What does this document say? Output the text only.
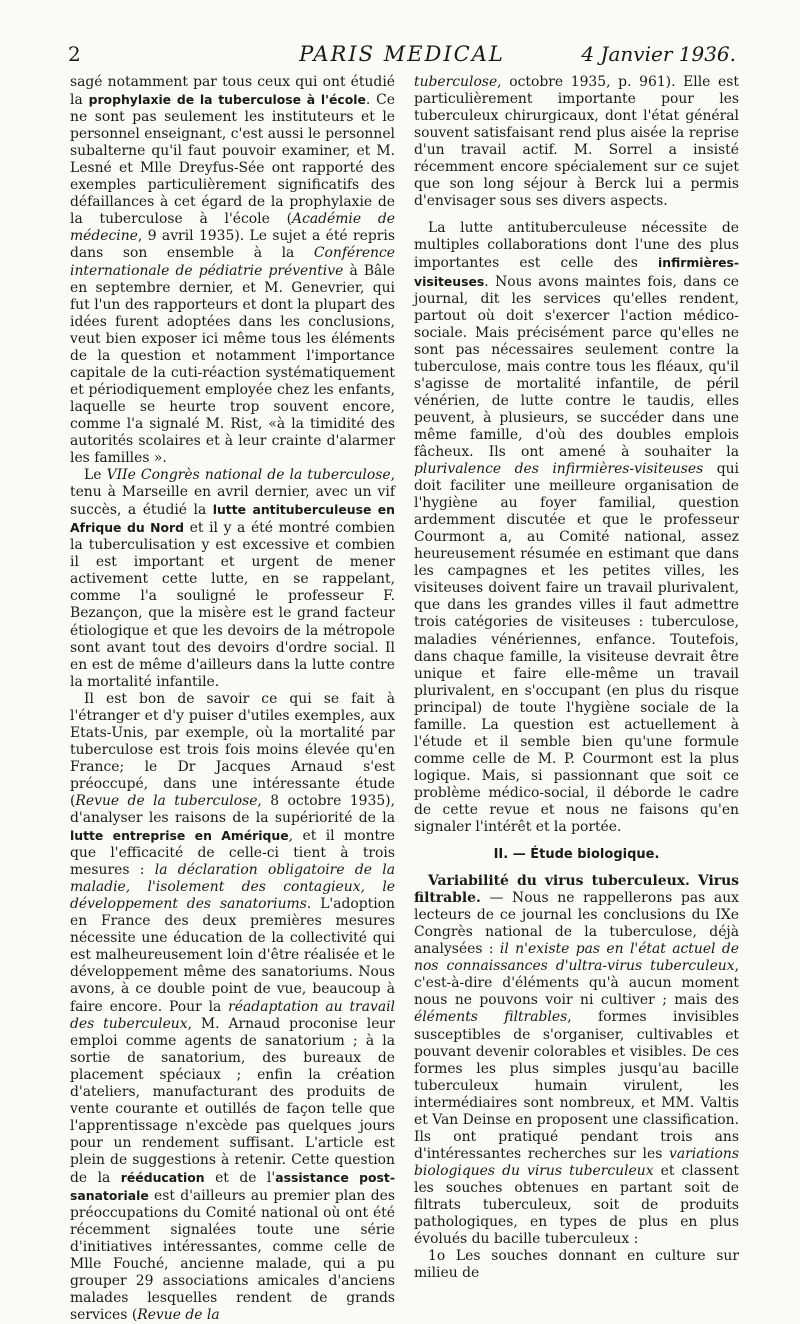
2	PARIS MEDICAL	4 Janvier 1936.

sagé notamment par tous ceux qui ont étudié la prophylaxie de la tuberculose à l'école. Ce ne sont pas seulement les instituteurs et le personnel enseignant, c'est aussi le personnel subalterne qu'il faut pouvoir examiner, et M. Lesné et Mlle Dreyfus-Sée ont rapporté des exemples particulièrement significatifs des défaillances à cet égard de la prophylaxie de la tuberculose à l'école (Académie de médecine, 9 avril 1935). Le sujet a été repris dans son ensemble à la Conférence internationale de pédiatrie préventive à Bâle en septembre dernier, et M. Genevrier, qui fut l'un des rapporteurs et dont la plupart des idées furent adoptées dans les conclusions, veut bien exposer ici même tous les éléments de la question et notamment l'importance capitale de la cuti-réaction systématiquement et périodiquement employée chez les enfants, laquelle se heurte trop souvent encore, comme l'a signalé M. Rist, «à la timidité des autorités scolaires et à leur crainte d'alarmer les familles ».

Le VIIe Congrès national de la tuberculose, tenu à Marseille en avril dernier, avec un vif succès, a étudié la lutte antituberculeuse en Afrique du Nord et il y a été montré combien la tuberculisation y est excessive et combien il est important et urgent de mener activement cette lutte, en se rappelant, comme l'a souligné le professeur F. Bezançon, que la misère est le grand facteur étiologique et que les devoirs de la métropole sont avant tout des devoirs d'ordre social. Il en est de même d'ailleurs dans la lutte contre la mortalité infantile.

Il est bon de savoir ce qui se fait à l'étranger et d'y puiser d'utiles exemples, aux Etats-Unis, par exemple, où la mortalité par tuberculose est trois fois moins élevée qu'en France; le Dr Jacques Arnaud s'est préoccupé, dans une intéressante étude (Revue de la tuberculose, 8 octobre 1935), d'analyser les raisons de la supériorité de la lutte entreprise en Amérique, et il montre que l'efficacité de celle-ci tient à trois mesures : la déclaration obligatoire de la maladie, l'isolement des contagieux, le développement des sanatoriums. L'adoption en France des deux premières mesures nécessite une éducation de la collectivité qui est malheureusement loin d'être réalisée et le développement même des sanatoriums. Nous avons, à ce double point de vue, beaucoup à faire encore. Pour la réadaptation au travail des tuberculeux, M. Arnaud proconise leur emploi comme agents de sanatorium ; à la sortie de sanatorium, des bureaux de placement spéciaux ; enfin la création d'ateliers, manufacturant des produits de vente courante et outillés de façon telle que l'apprentissage n'excède pas quelques jours pour un rendement suffisant. L'article est plein de suggestions à retenir. Cette question de la rééducation et de l'assistance post-sanatoriale est d'ailleurs au premier plan des préoccupations du Comité national où ont été récemment signalées toute une série d'initiatives intéressantes, comme celle de Mlle Fouché, ancienne malade, qui a pu grouper 29 associations amicales d'anciens malades lesquelles rendent de grands services (Revue de la

tuberculose, octobre 1935, p. 961). Elle est particulièrement importante pour les tuberculeux chirurgicaux, dont l'état général souvent satisfaisant rend plus aisée la reprise d'un travail actif. M. Sorrel a insisté récemment encore spécialement sur ce sujet que son long séjour à Berck lui a permis d'envisager sous ses divers aspects.

La lutte antituberculeuse nécessite de multiples collaborations dont l'une des plus importantes est celle des infirmières-visiteuses. Nous avons maintes fois, dans ce journal, dit les services qu'elles rendent, partout où doit s'exercer l'action médico-sociale. Mais précisément parce qu'elles ne sont pas nécessaires seulement contre la tuberculose, mais contre tous les fléaux, qu'il s'agisse de mortalité infantile, de péril vénérien, de lutte contre le taudis, elles peuvent, à plusieurs, se succéder dans une même famille, d'où des doubles emplois fâcheux. Ils ont amené à souhaiter la plurivalence des infirmières-visiteuses qui doit faciliter une meilleure organisation de l'hygiène au foyer familial, question ardemment discutée et que le professeur Courmont a, au Comité national, assez heureusement résumée en estimant que dans les campagnes et les petites villes, les visiteuses doivent faire un travail plurivalent, que dans les grandes villes il faut admettre trois catégories de visiteuses : tuberculose, maladies vénériennes, enfance. Toutefois, dans chaque famille, la visiteuse devrait être unique et faire elle-même un travail plurivalent, en s'occupant (en plus du risque principal) de toute l'hygiène sociale de la famille. La question est actuellement à l'étude et il semble bien qu'une formule comme celle de M. P. Courmont est la plus logique. Mais, si passionnant que soit ce problème médico-social, il déborde le cadre de cette revue et nous ne faisons qu'en signaler l'intérêt et la portée.

II. — Étude biologique.

Variabilité du virus tuberculeux. Virus filtrable. — Nous ne rappellerons pas aux lecteurs de ce journal les conclusions du IXe Congrès national de la tuberculose, déjà analysées : il n'existe pas en l'état actuel de nos connaissances d'ultra-virus tuberculeux, c'est-à-dire d'éléments qu'à aucun moment nous ne pouvons voir ni cultiver ; mais des éléments filtrables, formes invisibles susceptibles de s'organiser, cultivables et pouvant devenir colorables et visibles. De ces formes les plus simples jusqu'au bacille tuberculeux humain virulent, les intermédiaires sont nombreux, et MM. Valtis et Van Deinse en proposent une classification. Ils ont pratiqué pendant trois ans d'intéressantes recherches sur les variations biologiques du virus tuberculeux et classent les souches obtenues en partant soit de filtrats tuberculeux, soit de produits pathologiques, en types de plus en plus évolués du bacille tuberculeux :

1o Les souches donnant en culture sur milieu de
